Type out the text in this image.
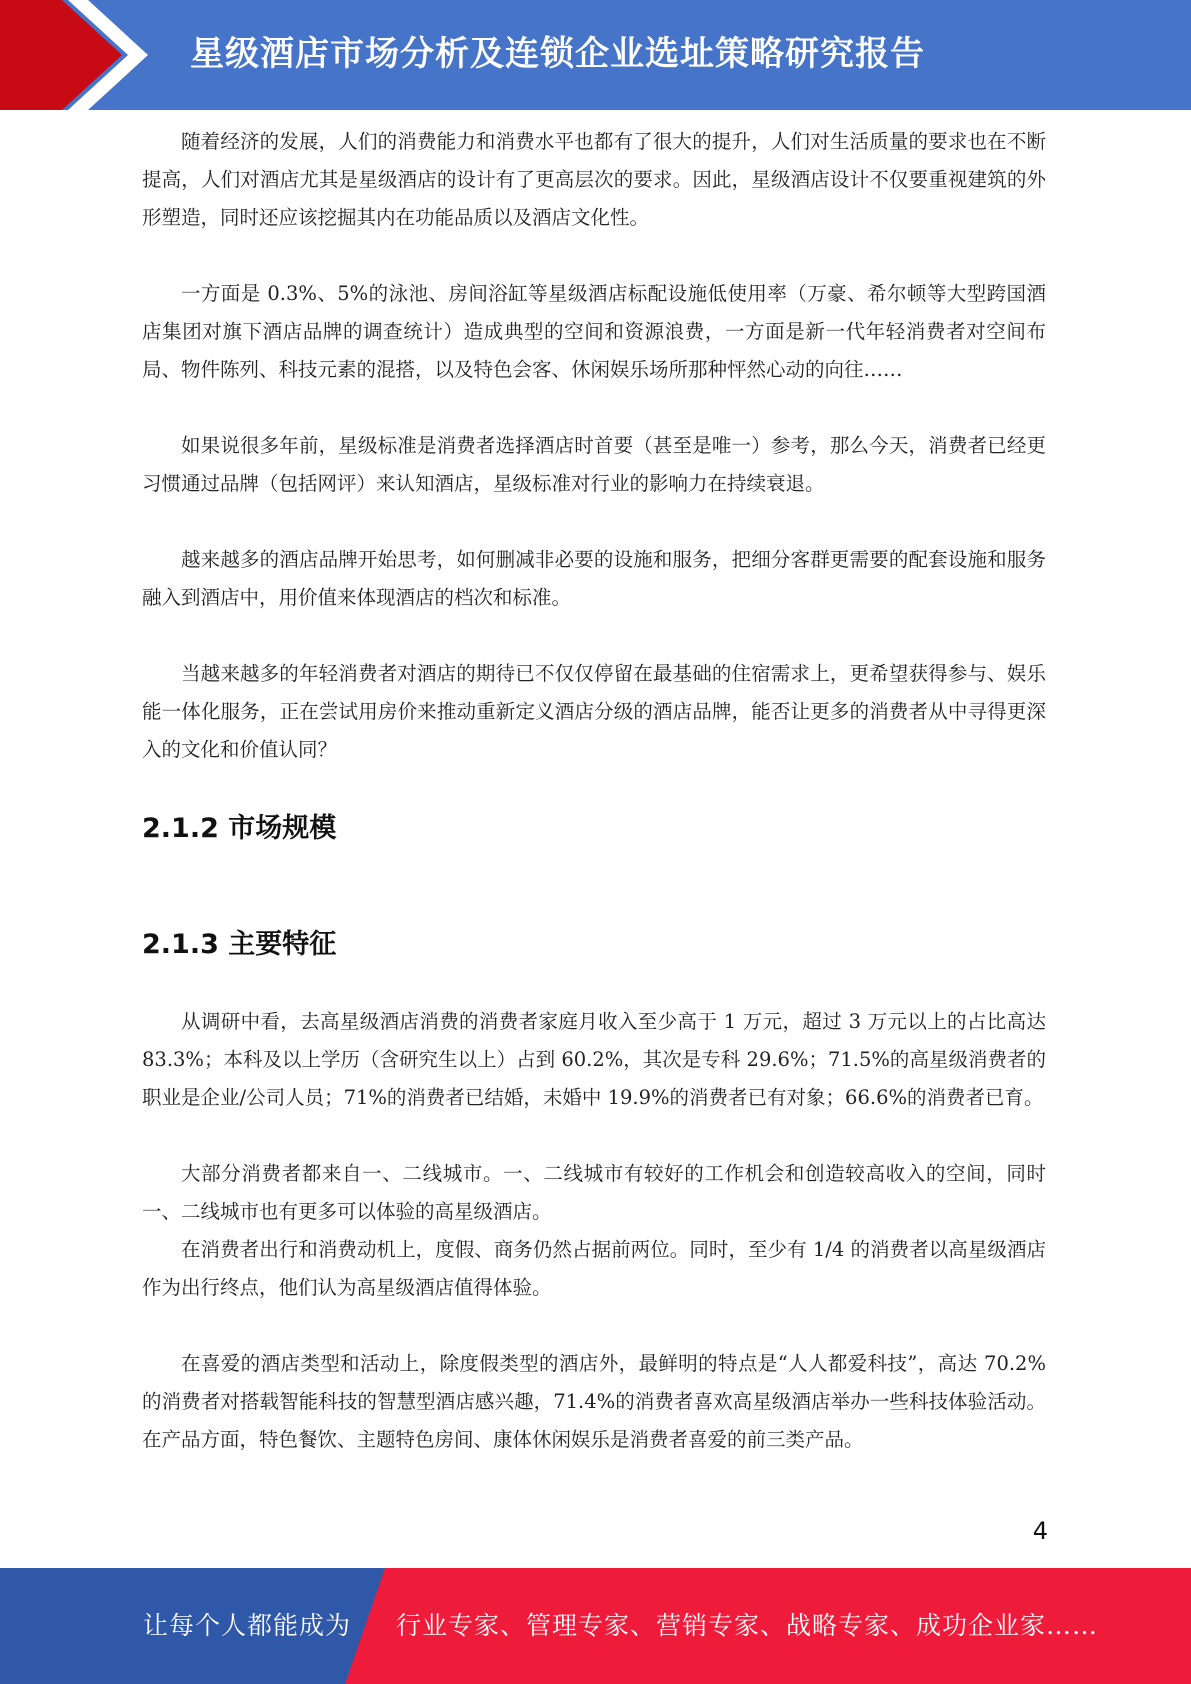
星级酒店市场分析及连锁企业选址策略研究报告

随着经济的发展，人们的消费能力和消费水平也都有了很大的提升，人们对生活质量的要求也在不断提高，人们对酒店尤其是星级酒店的设计有了更高层次的要求。因此，星级酒店设计不仅要重视建筑的外形塑造，同时还应该挖掘其内在功能品质以及酒店文化性。

一方面是 0.3%、5%的泳池、房间浴缸等星级酒店标配设施低使用率（万豪、希尔顿等大型跨国酒店集团对旗下酒店品牌的调查统计）造成典型的空间和资源浪费，一方面是新一代年轻消费者对空间布局、物件陈列、科技元素的混搭，以及特色会客、休闲娱乐场所那种怦然心动的向往……

如果说很多年前，星级标准是消费者选择酒店时首要（甚至是唯一）参考，那么今天，消费者已经更习惯通过品牌（包括网评）来认知酒店，星级标准对行业的影响力在持续衰退。

越来越多的酒店品牌开始思考，如何删减非必要的设施和服务，把细分客群更需要的配套设施和服务融入到酒店中，用价值来体现酒店的档次和标准。

当越来越多的年轻消费者对酒店的期待已不仅仅停留在最基础的住宿需求上，更希望获得参与、娱乐能一体化服务，正在尝试用房价来推动重新定义酒店分级的酒店品牌，能否让更多的消费者从中寻得更深入的文化和价值认同？

2.1.2 市场规模
2.1.3 主要特征

从调研中看，去高星级酒店消费的消费者家庭月收入至少高于 1 万元，超过 3 万元以上的占比高达 83.3%；本科及以上学历（含研究生以上）占到 60.2%，其次是专科 29.6%；71.5%的高星级消费者的职业是企业/公司人员；71%的消费者已结婚，未婚中 19.9%的消费者已有对象；66.6%的消费者已育。

大部分消费者都来自一、二线城市。一、二线城市有较好的工作机会和创造较高收入的空间，同时一、二线城市也有更多可以体验的高星级酒店。

在消费者出行和消费动机上，度假、商务仍然占据前两位。同时，至少有 1/4 的消费者以高星级酒店作为出行终点，他们认为高星级酒店值得体验。

在喜爱的酒店类型和活动上，除度假类型的酒店外，最鲜明的特点是“人人都爱科技”，高达 70.2%的消费者对搭载智能科技的智慧型酒店感兴趣，71.4%的消费者喜欢高星级酒店举办一些科技体验活动。在产品方面，特色餐饮、主题特色房间、康体休闲娱乐是消费者喜爱的前三类产品。

4
让每个人都能成为 行业专家、管理专家、营销专家、战略专家、成功企业家……
